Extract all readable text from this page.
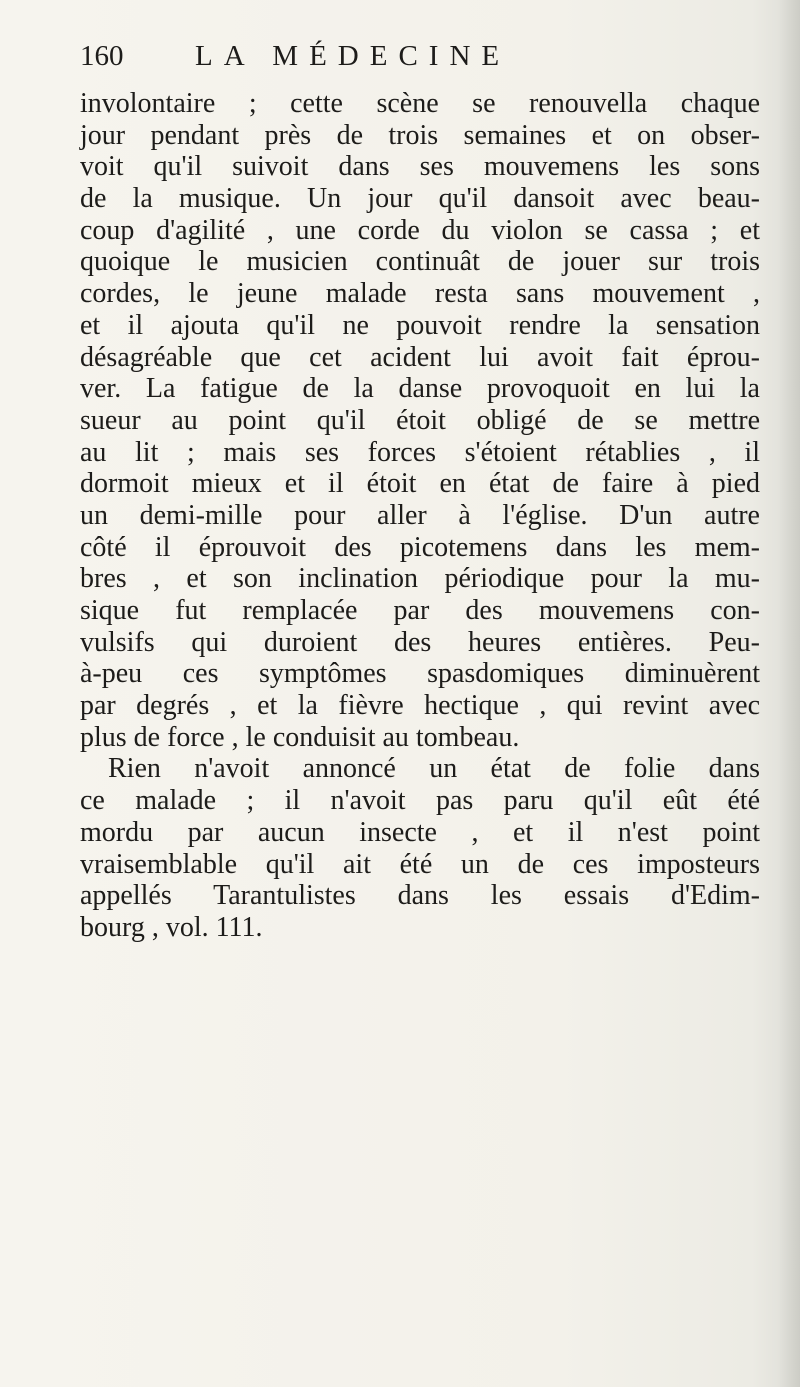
160 LA MÉDECINE
involontaire ; cette scène se renouvella chaque
jour pendant près de trois semaines et on obser-
voit qu'il suivoit dans ses mouvemens les sons
de la musique. Un jour qu'il dansoit avec beau-
coup d'agilité , une corde du violon se cassa ; et
quoique le musicien continuât de jouer sur trois
cordes, le jeune malade resta sans mouvement ,
et il ajouta qu'il ne pouvoit rendre la sensation
désagréable que cet acident lui avoit fait éprou-
ver. La fatigue de la danse provoquoit en lui la
sueur au point qu'il étoit obligé de se mettre
au lit ; mais ses forces s'étoient rétablies , il
dormoit mieux et il étoit en état de faire à pied
un demi-mille pour aller à l'église. D'un autre
côté il éprouvoit des picotemens dans les mem-
bres , et son inclination périodique pour la mu-
sique fut remplacée par des mouvemens con-
vulsifs qui duroient des heures entières. Peu-
à-peu ces symptômes spasdomiques diminuèrent
par degrés , et la fièvre hectique , qui revint avec
plus de force , le conduisit au tombeau.
Rien n'avoit annoncé un état de folie dans
ce malade ; il n'avoit pas paru qu'il eût été
mordu par aucun insecte , et il n'est point
vraisemblable qu'il ait été un de ces imposteurs
appellés Tarantulistes dans les essais d'Edim-
bourg , vol. 111.
